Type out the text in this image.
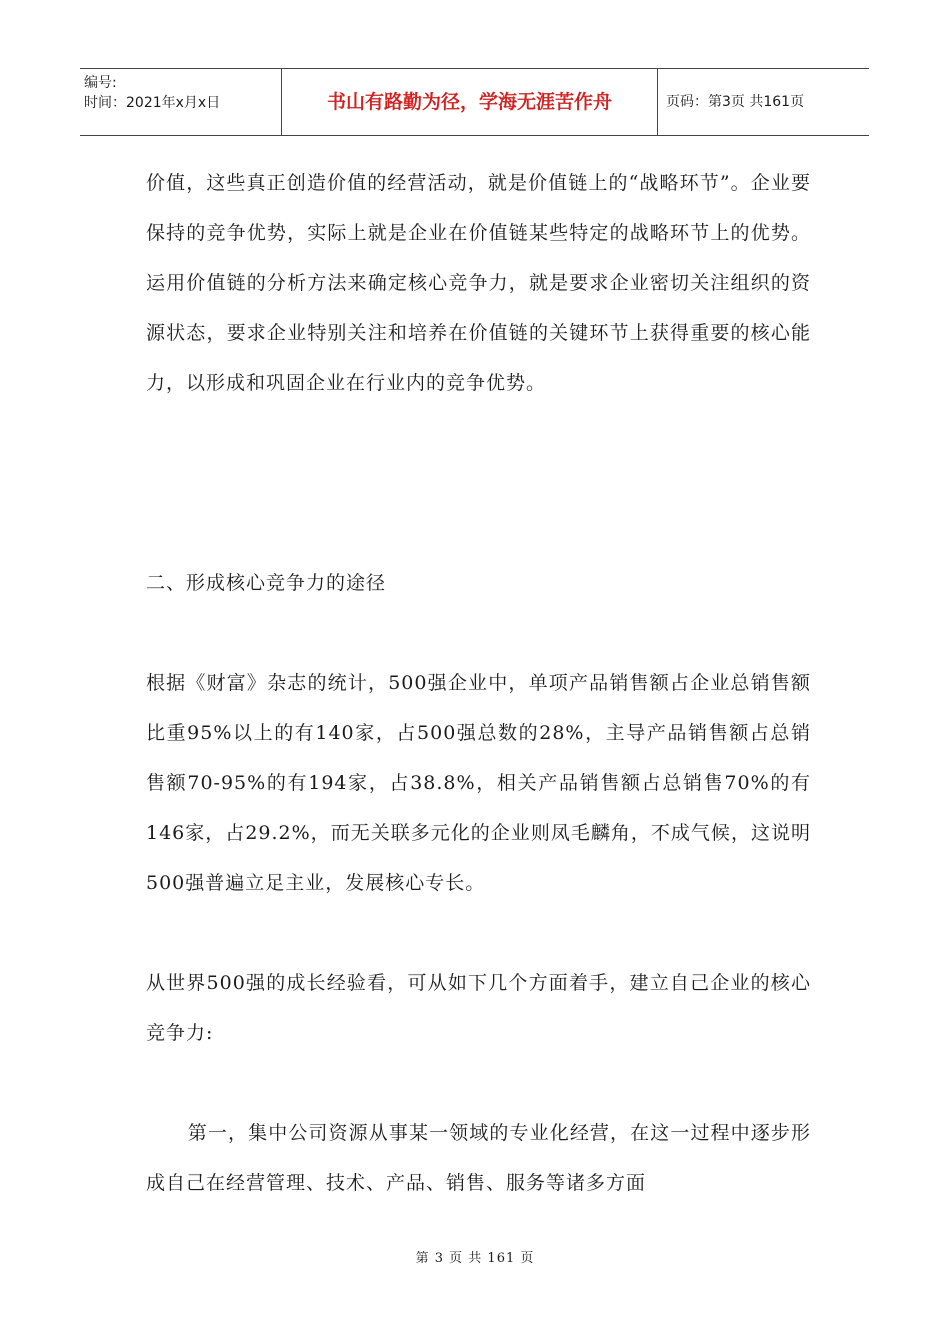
编号:
时间：2021年x月x日	书山有路勤为径，学海无涯苦作舟	页码：第3页 共161页

价值，这些真正创造价值的经营活动，就是价值链上的“战略环节”。企业要保持的竞争优势，实际上就是企业在价值链某些特定的战略环节上的优势。运用价值链的分析方法来确定核心竞争力，就是要求企业密切关注组织的资源状态，要求企业特别关注和培养在价值链的关键环节上获得重要的核心能力，以形成和巩固企业在行业内的竞争优势。

二、形成核心竞争力的途径

根据《财富》杂志的统计，500强企业中，单项产品销售额占企业总销售额比重95%以上的有140家，占500强总数的28%，主导产品销售额占总销售额70-95%的有194家，占38.8%，相关产品销售额占总销售70%的有146家，占29.2%，而无关联多元化的企业则凤毛麟角，不成气候，这说明500强普遍立足主业，发展核心专长。

从世界500强的成长经验看，可从如下几个方面着手，建立自己企业的核心竞争力:

第一，集中公司资源从事某一领域的专业化经营，在这一过程中逐步形成自己在经营管理、技术、产品、销售、服务等诸多方面

第 3 页 共 161 页
